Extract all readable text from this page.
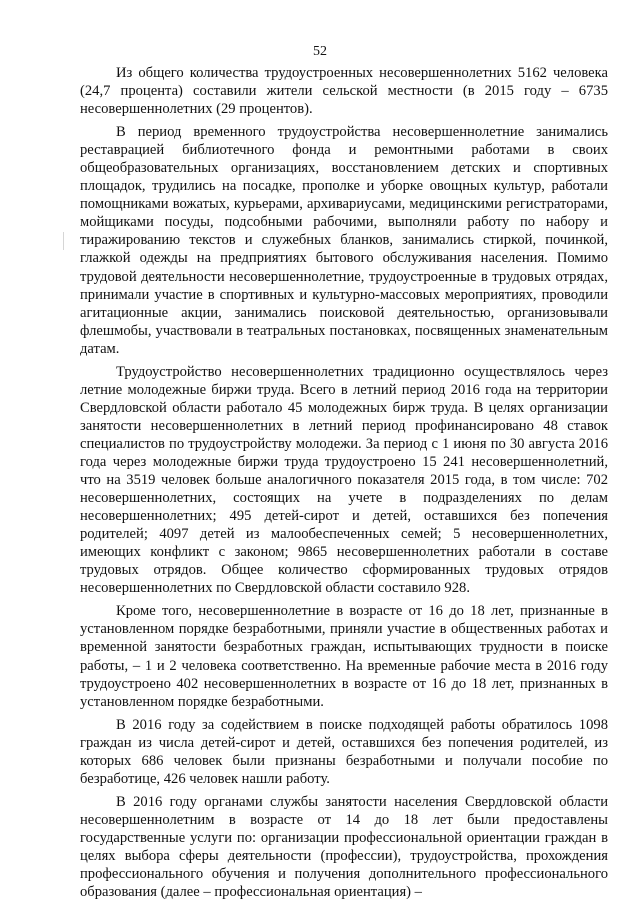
52

Из общего количества трудоустроенных несовершеннолетних 5162 человека (24,7 процента) составили жители сельской местности (в 2015 году – 6735 несовершеннолетних (29 процентов).

В период временного трудоустройства несовершеннолетние занимались реставрацией библиотечного фонда и ремонтными работами в своих общеобразовательных организациях, восстановлением детских и спортивных площадок, трудились на посадке, прополке и уборке овощных культур, работали помощниками вожатых, курьерами, архивариусами, медицинскими регистраторами, мойщиками посуды, подсобными рабочими, выполняли работу по набору и тиражированию текстов и служебных бланков, занимались стиркой, починкой, глажкой одежды на предприятиях бытового обслуживания населения. Помимо трудовой деятельности несовершеннолетние, трудоустроенные в трудовых отрядах, принимали участие в спортивных и культурно-массовых мероприятиях, проводили агитационные акции, занимались поисковой деятельностью, организовывали флешмобы, участвовали в театральных постановках, посвященных знаменательным датам.

Трудоустройство несовершеннолетних традиционно осуществлялось через летние молодежные биржи труда. Всего в летний период 2016 года на территории Свердловской области работало 45 молодежных бирж труда. В целях организации занятости несовершеннолетних в летний период профинансировано 48 ставок специалистов по трудоустройству молодежи. За период с 1 июня по 30 августа 2016 года через молодежные биржи труда трудоустроено 15 241 несовершеннолетний, что на 3519 человек больше аналогичного показателя 2015 года, в том числе: 702 несовершеннолетних, состоящих на учете в подразделениях по делам несовершеннолетних; 495 детей-сирот и детей, оставшихся без попечения родителей; 4097 детей из малообеспеченных семей; 5 несовершеннолетних, имеющих конфликт с законом; 9865 несовершеннолетних работали в составе трудовых отрядов. Общее количество сформированных трудовых отрядов несовершеннолетних по Свердловской области составило 928.

Кроме того, несовершеннолетние в возрасте от 16 до 18 лет, признанные в установленном порядке безработными, приняли участие в общественных работах и временной занятости безработных граждан, испытывающих трудности в поиске работы, – 1 и 2 человека соответственно. На временные рабочие места в 2016 году трудоустроено 402 несовершеннолетних в возрасте от 16 до 18 лет, признанных в установленном порядке безработными.

В 2016 году за содействием в поиске подходящей работы обратилось 1098 граждан из числа детей-сирот и детей, оставшихся без попечения родителей, из которых 686 человек были признаны безработными и получали пособие по безработице, 426 человек нашли работу.

В 2016 году органами службы занятости населения Свердловской области несовершеннолетним в возрасте от 14 до 18 лет были предоставлены государственные услуги по: организации профессиональной ориентации граждан в целях выбора сферы деятельности (профессии), трудоустройства, прохождения профессионального обучения и получения дополнительного профессионального образования (далее – профессиональная ориентация) –
